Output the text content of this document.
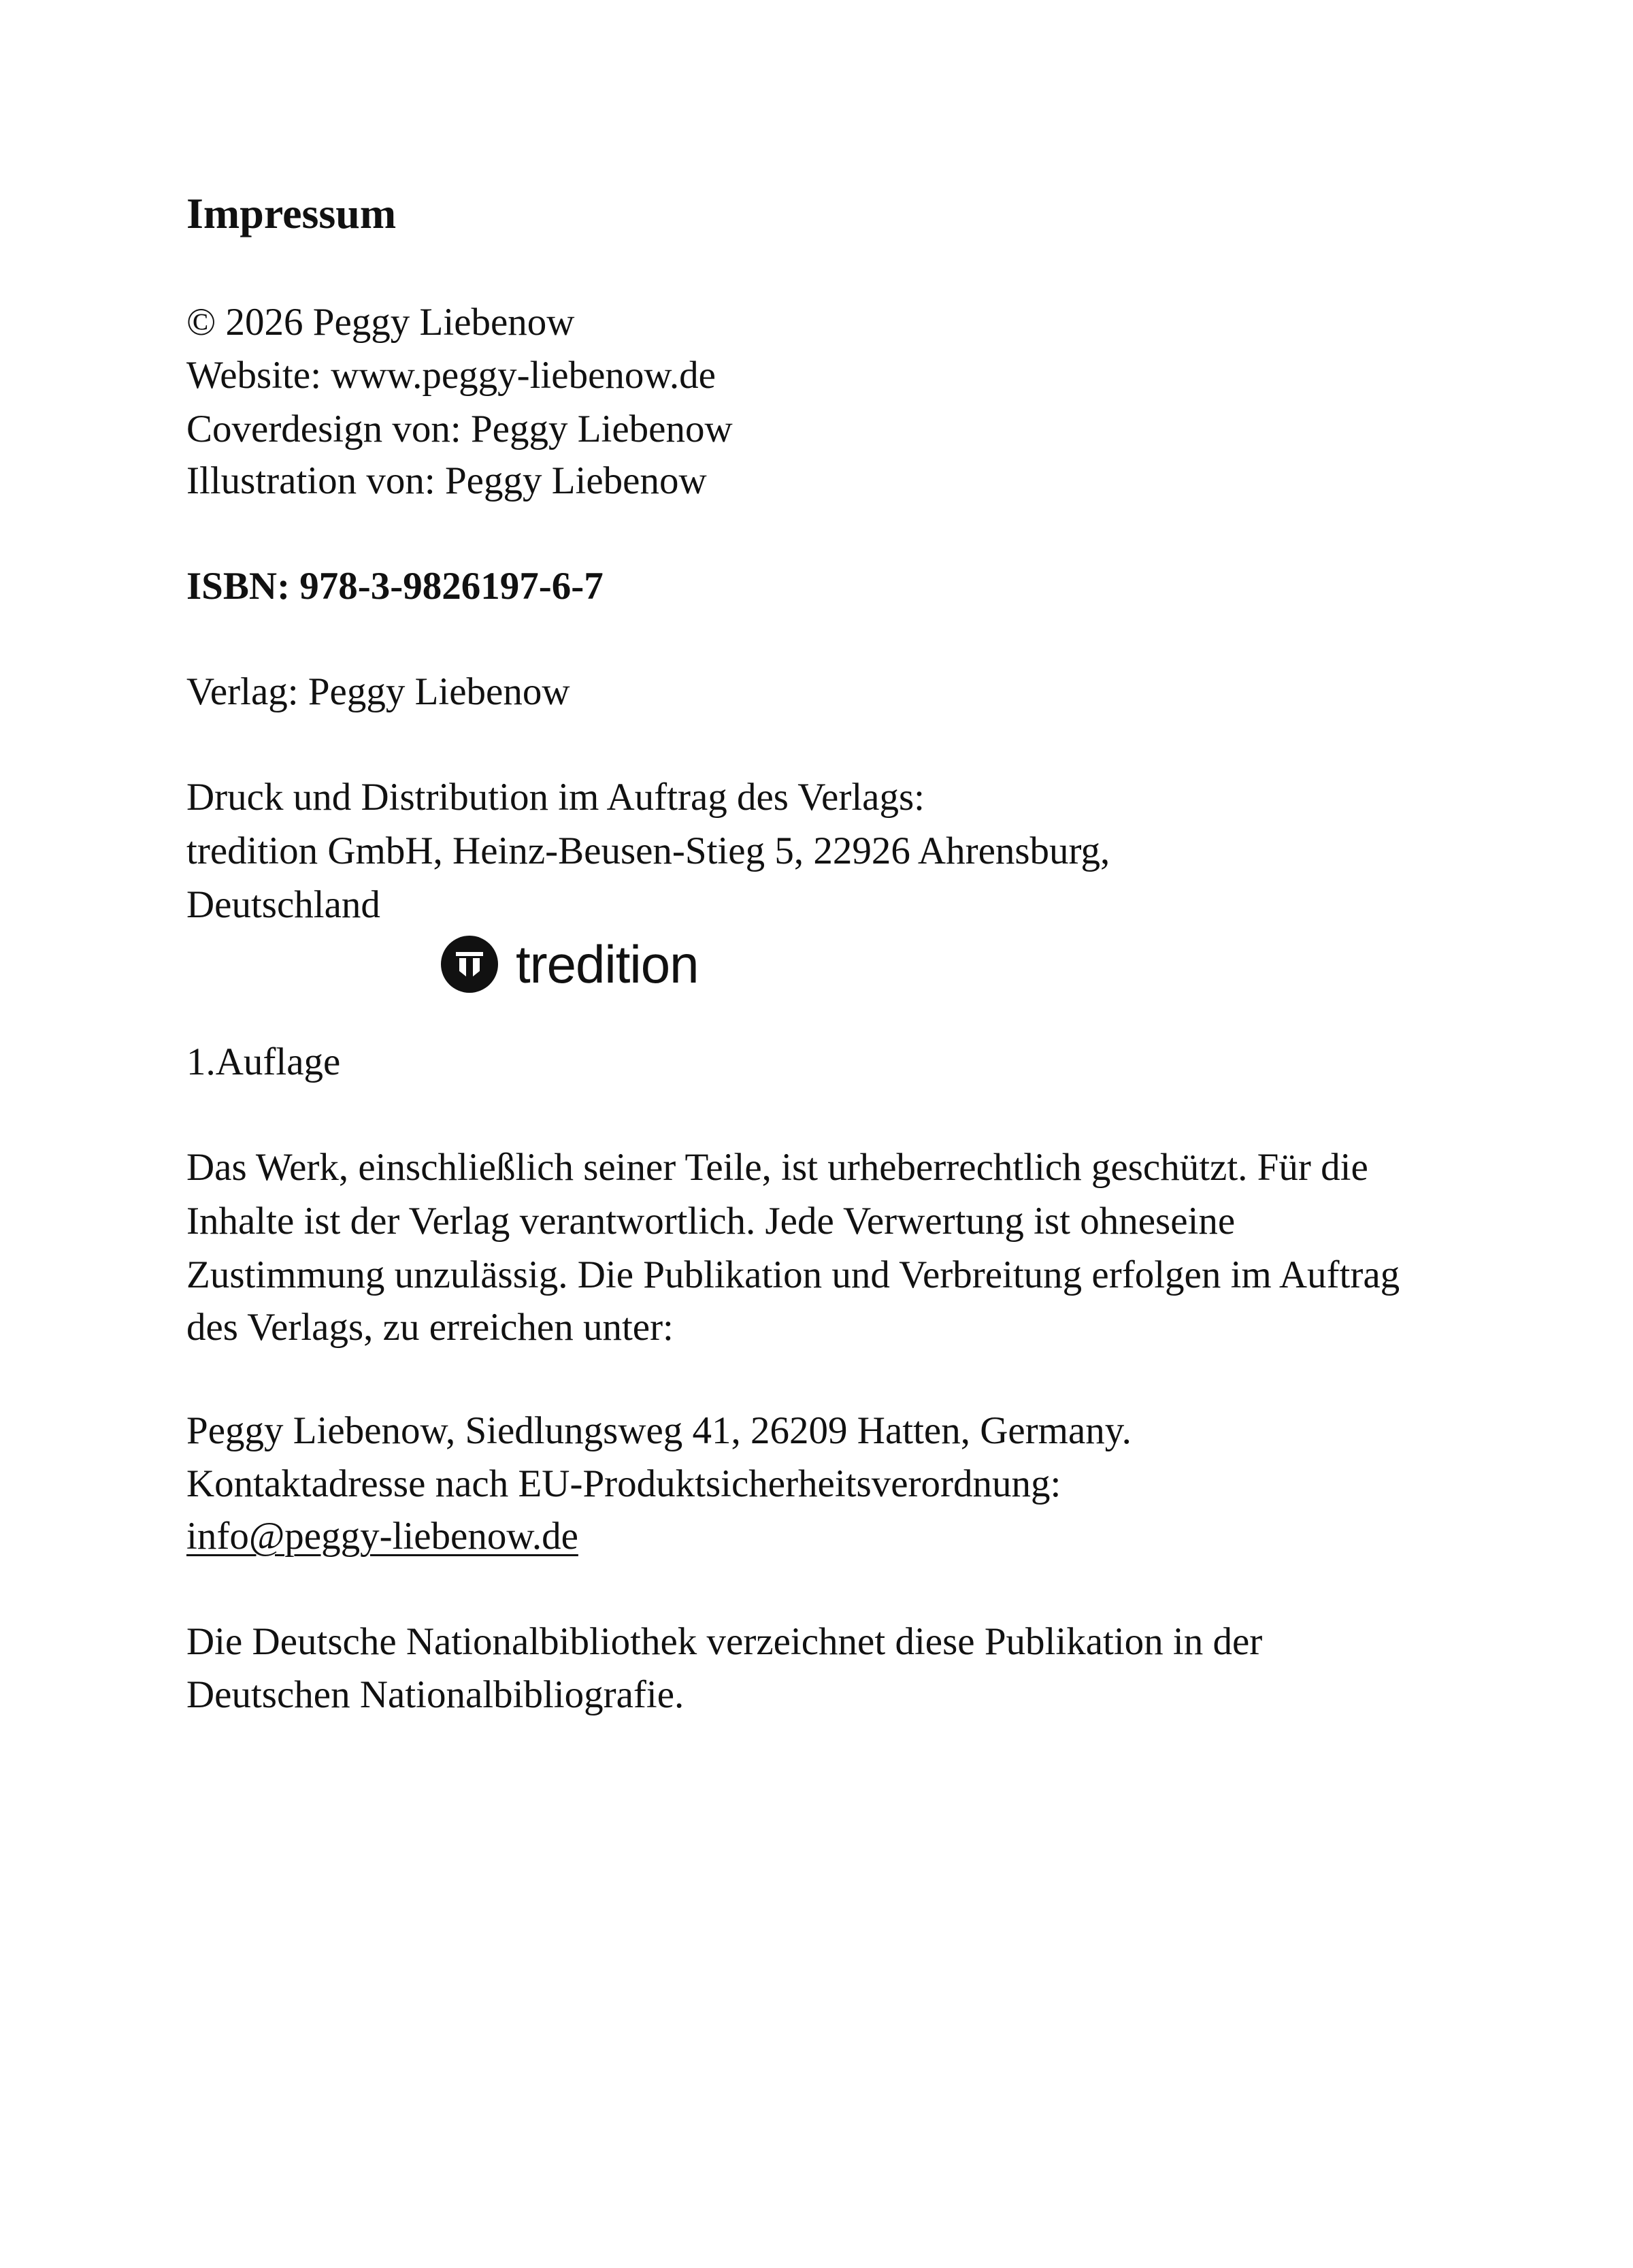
Impressum
© 2026 Peggy Liebenow
Website: www.peggy-liebenow.de
Coverdesign von: Peggy Liebenow
Illustration von: Peggy Liebenow
ISBN: 978-3-9826197-6-7
Verlag: Peggy Liebenow
Druck und Distribution im Auftrag des Verlags:
tredition GmbH, Heinz-Beusen-Stieg 5, 22926 Ahrensburg,
Deutschland
tredition
1.Auflage
Das Werk, einschließlich seiner Teile, ist urheberrechtlich geschützt. Für die
Inhalte ist der Verlag verantwortlich. Jede Verwertung ist ohneseine
Zustimmung unzulässig. Die Publikation und Verbreitung erfolgen im Auftrag
des Verlags, zu erreichen unter:
Peggy Liebenow, Siedlungsweg 41, 26209 Hatten, Germany.
Kontaktadresse nach EU-Produktsicherheitsverordnung:
info@peggy-liebenow.de
Die Deutsche Nationalbibliothek verzeichnet diese Publikation in der
Deutschen Nationalbibliografie.
